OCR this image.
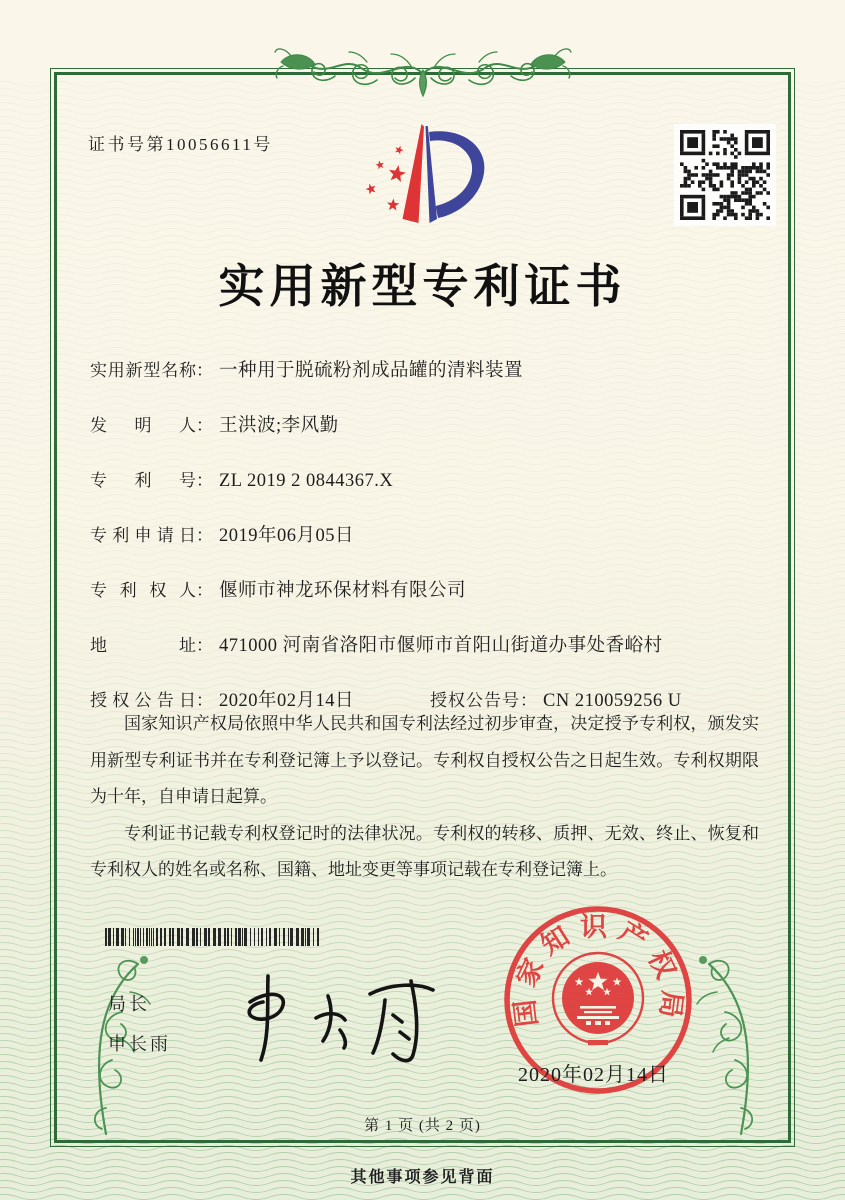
证书号第10056611号
实用新型专利证书
实用新型名称： 一种用于脱硫粉剂成品罐的清料装置
发明人： 王洪波;李风勤
专利号： ZL 2019 2 0844367.X
专利申请日： 2019年06月05日
专利权人： 偃师市神龙环保材料有限公司
地址： 471000 河南省洛阳市偃师市首阳山街道办事处香峪村
授权公告日： 2020年02月14日	授权公告号： CN 210059256 U

国家知识产权局依照中华人民共和国专利法经过初步审查，决定授予专利权，颁发实用新型专利证书并在专利登记簿上予以登记。专利权自授权公告之日起生效。专利权期限为十年，自申请日起算。

专利证书记载专利权登记时的法律状况。专利权的转移、质押、无效、终止、恢复和专利权人的姓名或名称、国籍、地址变更等事项记载在专利登记簿上。

局长
申长雨
国家知识产权局
2020年02月14日
第 1 页 (共 2 页)
其他事项参见背面
